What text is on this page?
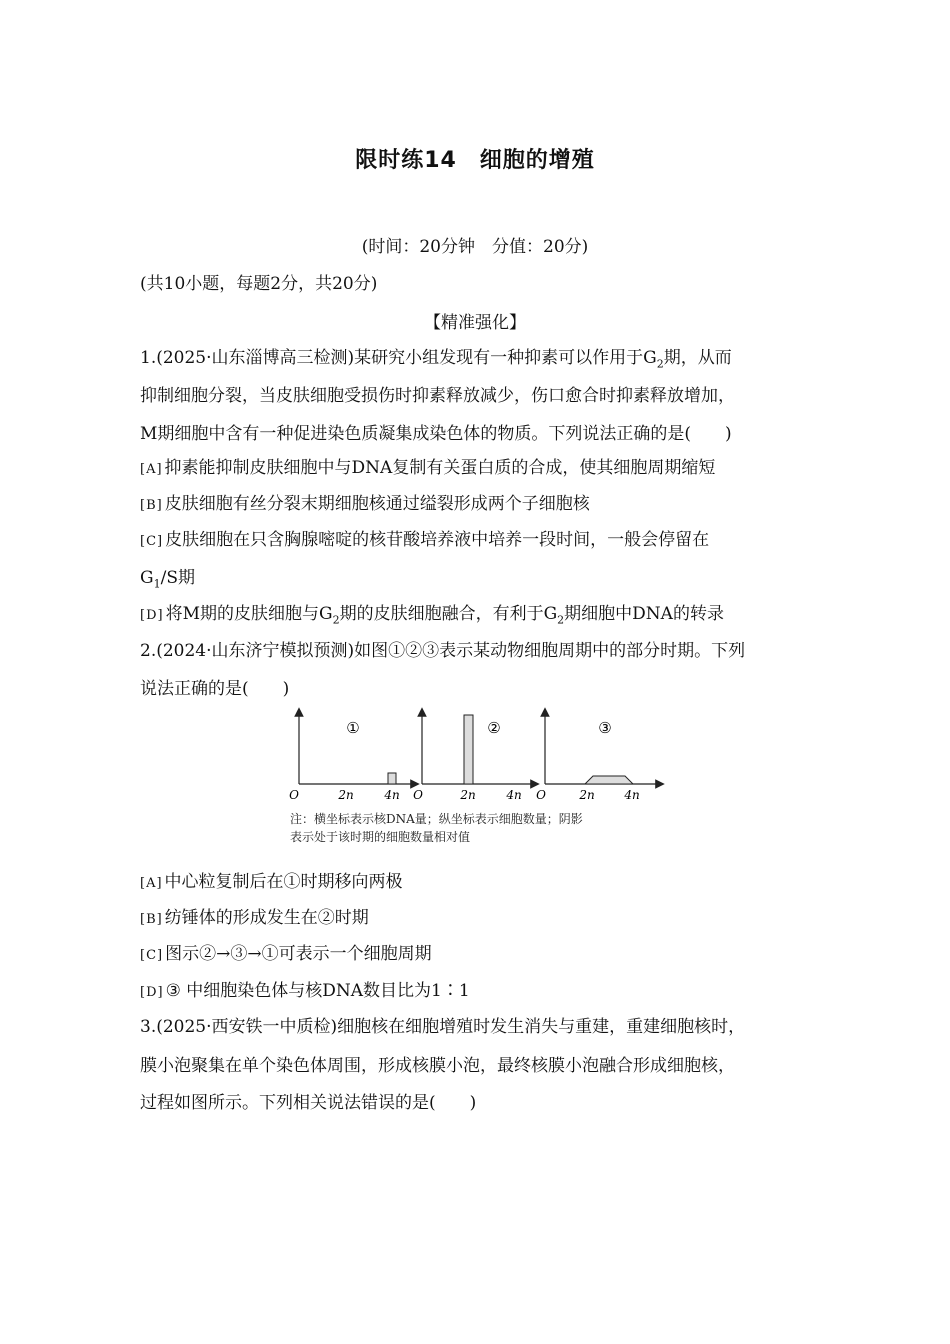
限时练14　细胞的增殖
(时间：20分钟　分值：20分)
(共10小题，每题2分，共20分)
【精准强化】
1.(2025·山东淄博高三检测)某研究小组发现有一种抑素可以作用于$G_2$期，从而
抑制细胞分裂，当皮肤细胞受损伤时抑素释放减少，伤口愈合时抑素释放增加，
M期细胞中含有一种促进染色质凝集成染色体的物质。下列说法正确的是(　　)
[A] 抑素能抑制皮肤细胞中与DNA复制有关蛋白质的合成，使其细胞周期缩短
[B] 皮肤细胞有丝分裂末期细胞核通过缢裂形成两个子细胞核
[C] 皮肤细胞在只含胸腺嘧啶的核苷酸培养液中培养一段时间，一般会停留在
$G_1/S$期
[D] 将M期的皮肤细胞与$G_2$期的皮肤细胞融合，有利于$G_2$期细胞中DNA的转录
2.(2024·山东济宁模拟预测)如图①②③表示某动物细胞周期中的部分时期。下列
说法正确的是(　　)
①	②	③
O	2n	4n O	2n	4n O	2n 4n
注：横坐标表示核DNA量；纵坐标表示细胞数量；阴影
表示处于该时期的细胞数量相对值
[A] 中心粒复制后在①时期移向两极
[B] 纺锤体的形成发生在②时期
[C] 图示②→③→①可表示一个细胞周期
[D] ③ 中细胞染色体与核DNA数目比为1∶1
3.(2025·西安铁一中质检)细胞核在细胞增殖时发生消失与重建，重建细胞核时，
膜小泡聚集在单个染色体周围，形成核膜小泡，最终核膜小泡融合形成细胞核，
过程如图所示。下列相关说法错误的是(　　)
